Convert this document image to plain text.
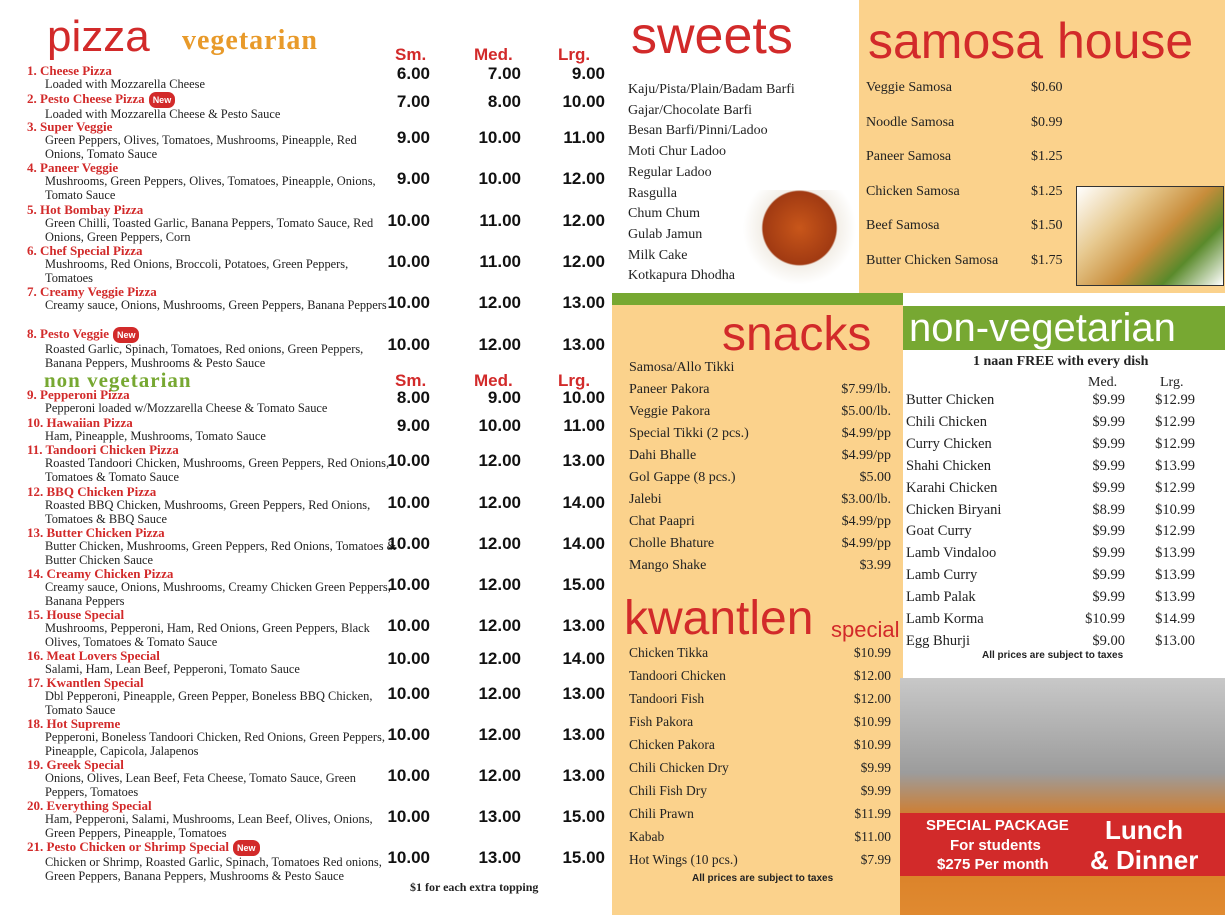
pizza vegetarian	Sm.	Med.	Lrg.
1. Cheese Pizza
Loaded with Mozzarella Cheese
6.00	7.00	9.00
2. Pesto Cheese Pizza New
Loaded with Mozzarella Cheese & Pesto Sauce
7.00	8.00	10.00
3. Super Veggie
Green Peppers, Olives, Tomatoes, Mushrooms, Pineapple, Red Onions, Tomato Sauce
9.00	10.00	11.00
4. Paneer Veggie
Mushrooms, Green Peppers, Olives, Tomatoes, Pineapple, Onions, Tomato Sauce
9.00	10.00	12.00
5. Hot Bombay Pizza
Green Chilli, Toasted Garlic, Banana Peppers, Tomato Sauce, Red Onions, Green Peppers, Corn
10.00	11.00	12.00
6. Chef Special Pizza
Mushrooms, Red Onions, Broccoli, Potatoes, Green Peppers, Tomatoes
10.00	11.00	12.00
7. Creamy Veggie Pizza
Creamy sauce, Onions, Mushrooms, Green Peppers, Banana Peppers 10.00	12.00	13.00
8. Pesto Veggie New
Roasted Garlic, Spinach, Tomatoes, Red onions, Green Peppers, Banana Peppers, Mushrooms & Pesto Sauce
10.00	12.00	13.00
non vegetarian	Sm.	Med.	Lrg.
9. Pepperoni Pizza
Pepperoni loaded w/Mozzarella Cheese & Tomato Sauce
8.00	9.00	10.00
10. Hawaiian Pizza
Ham, Pineapple, Mushrooms, Tomato Sauce
9.00	10.00	11.00
11. Tandoori Chicken Pizza
Roasted Tandoori Chicken, Mushrooms, Green Peppers, Red Onions, Tomatoes & Tomato Sauce
10.00	12.00	13.00
12. BBQ Chicken Pizza
Roasted BBQ Chicken, Mushrooms, Green Peppers, Red Onions, Tomatoes & BBQ Sauce
10.00	12.00	14.00
13. Butter Chicken Pizza
Butter Chicken, Mushrooms, Green Peppers, Red Onions, Tomatoes & Butter Chicken Sauce
10.00	12.00	14.00
14. Creamy Chicken Pizza
Creamy sauce, Onions, Mushrooms, Creamy Chicken Green Peppers, Banana Peppers
10.00	12.00	15.00
15. House Special
Mushrooms, Pepperoni, Ham, Red Onions, Green Peppers, Black Olives, Tomatoes & Tomato Sauce
10.00	12.00	13.00
16. Meat Lovers Special
Salami, Ham, Lean Beef, Pepperoni, Tomato Sauce
10.00	12.00	14.00
17. Kwantlen Special
Dbl Pepperoni, Pineapple, Green Pepper, Boneless BBQ Chicken, Tomato Sauce
10.00	12.00	13.00
18. Hot Supreme
Pepperoni, Boneless Tandoori Chicken, Red Onions, Green Peppers, Pineapple, Capicola, Jalapenos
10.00	12.00	13.00
19. Greek Special
Onions, Olives, Lean Beef, Feta Cheese, Tomato Sauce, Green Peppers, Tomatoes
10.00	12.00	13.00
20. Everything Special
Ham, Pepperoni, Salami, Mushrooms, Lean Beef, Olives, Onions, Green Peppers, Pineapple, Tomatoes
10.00	13.00	15.00
21. Pesto Chicken or Shrimp Special New
Chicken or Shrimp, Roasted Garlic, Spinach, Tomatoes Red onions, Green Peppers, Banana Peppers, Mushrooms & Pesto Sauce
10.00	13.00	15.00
$1 for each extra topping
sweets
Kaju/Pista/Plain/Badam Barfi
Gajar/Chocolate Barfi
Besan Barfi/Pinni/Ladoo
Moti Chur Ladoo
Regular Ladoo
Rasgulla
Chum Chum
Gulab Jamun
Milk Cake
Kotkapura Dhodha
samosa house
Veggie Samosa	$0.60
Noodle Samosa	$0.99
Paneer Samosa	$1.25
Chicken Samosa	$1.25
Beef Samosa	$1.50
Butter Chicken Samosa $1.75
snacks
Samosa/Allo Tikki
Paneer Pakora	$7.99/lb.
Veggie Pakora	$5.00/lb.
Special Tikki (2 pcs.)	$4.99/pp
Dahi Bhalle	$4.99/pp
Gol Gappe (8 pcs.)	$5.00
Jalebi	$3.00/lb.
Chat Paapri	$4.99/pp
Cholle Bhature	$4.99/pp
Mango Shake	$3.99
kwantlen special
Chicken Tikka	$10.99
Tandoori Chicken	$12.00
Tandoori Fish	$12.00
Fish Pakora	$10.99
Chicken Pakora	$10.99
Chili Chicken Dry	$9.99
Chili Fish Dry	$9.99
Chili Prawn	$11.99
Kabab	$11.00
Hot Wings (10 pcs.)	$7.99
All prices are subject to taxes
non-vegetarian
1 naan FREE with every dish
Med.	Lrg.
Butter Chicken	$9.99	$12.99
Chili Chicken	$9.99	$12.99
Curry Chicken	$9.99	$12.99
Shahi Chicken	$9.99	$13.99
Karahi Chicken	$9.99	$12.99
Chicken Biryani	$8.99	$10.99
Goat Curry	$9.99	$12.99
Lamb Vindaloo	$9.99	$13.99
Lamb Curry	$9.99	$13.99
Lamb Palak	$9.99	$13.99
Lamb Korma	$10.99	$14.99
Egg Bhurji	$9.00	$13.00
All prices are subject to taxes
SPECIAL PACKAGE
For students
$275 Per month
Lunch
& Dinner
